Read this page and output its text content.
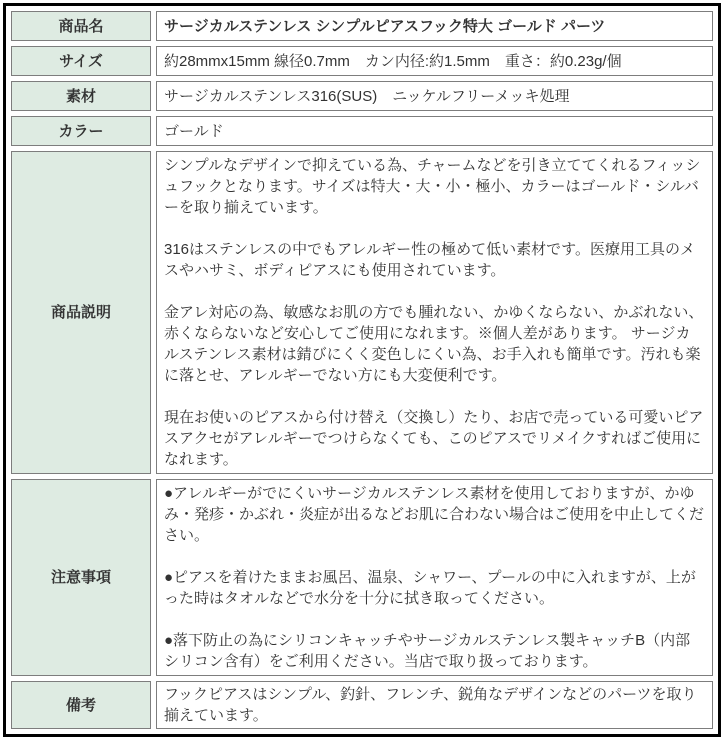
商品名	サージカルステンレス シンプルピアスフック特大 ゴールド パーツ
サイズ	約28mmx15mm 線径0.7mm　カン内径:約1.5mm　重さ：約0.23g/個
素材	サージカルステンレス316(SUS)　ニッケルフリーメッキ処理
カラー	ゴールド
商品説明	シンプルなデザインで抑えている為、チャームなどを引き立ててくれるフィッシュフックとなります。サイズは特大・大・小・極小、カラーはゴールド・シルバーを取り揃えています。

316はステンレスの中でもアレルギー性の極めて低い素材です。医療用工具のメスやハサミ、ボディピアスにも使用されています。

金アレ対応の為、敏感なお肌の方でも腫れない、かゆくならない、かぶれない、赤くならないなど安心してご使用になれます。※個人差があります。 サージカルステンレス素材は錆びにくく変色しにくい為、お手入れも簡単です。汚れも楽に落とせ、アレルギーでない方にも大変便利です。

現在お使いのピアスから付け替え（交換し）たり、お店で売っている可愛いピアスアクセがアレルギーでつけらなくても、このピアスでリメイクすればご使用になれます。

注意事項	●アレルギーがでにくいサージカルステンレス素材を使用しておりますが、かゆみ・発疹・かぶれ・炎症が出るなどお肌に合わない場合はご使用を中止してください。

●ピアスを着けたままお風呂、温泉、シャワー、プールの中に入れますが、上がった時はタオルなどで水分を十分に拭き取ってください。

●落下防止の為にシリコンキャッチやサージカルステンレス製キャッチB（内部シリコン含有）をご利用ください。当店で取り扱っております。

備考	フックピアスはシンプル、釣針、フレンチ、鋭角なデザインなどのパーツを取り揃えています。
